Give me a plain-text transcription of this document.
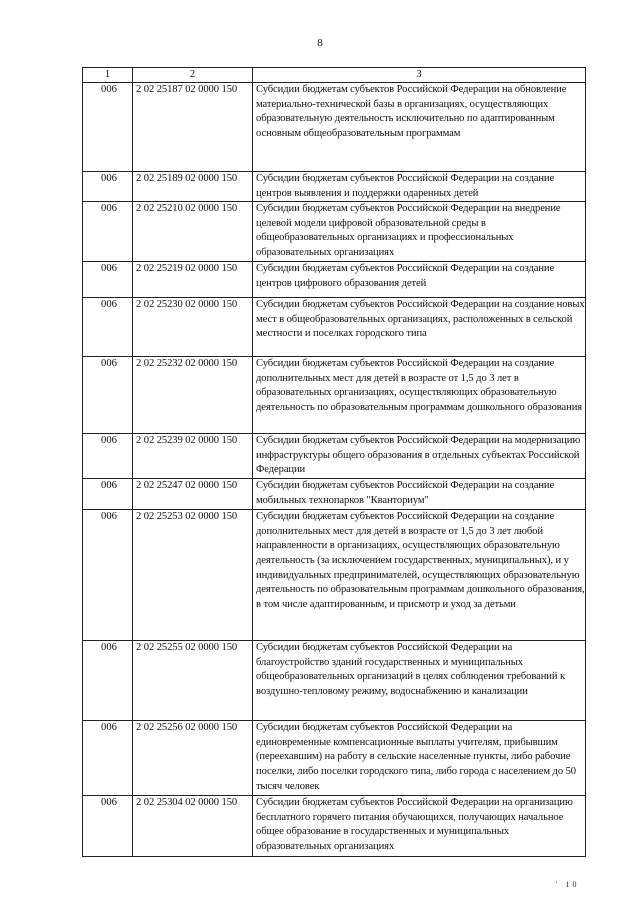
8
1	2	3
006	2 02 25187 02 0000 150	Субсидии бюджетам субъектов Российской Федерации на обновление материально-технической базы в организациях, осуществляющих образовательную деятельность исключительно по адаптированным основным общеобразовательным программам
006	2 02 25189 02 0000 150	Субсидии бюджетам субъектов Российской Федерации на создание центров выявления и поддержки одаренных детей
006	2 02 25210 02 0000 150	Субсидии бюджетам субъектов Российской Федерации на внедрение целевой модели цифровой образовательной среды в общеобразовательных организациях и профессиональных образовательных организациях
006	2 02 25219 02 0000 150	Субсидии бюджетам субъектов Российской Федерации на создание центров цифрового образования детей
006	2 02 25230 02 0000 150	Субсидии бюджетам субъектов Российской Федерации на создание новых мест в общеобразовательных организациях, расположенных в сельской местности и поселках городского типа
006	2 02 25232 02 0000 150	Субсидии бюджетам субъектов Российской Федерации на создание дополнительных мест для детей в возрасте от 1,5 до 3 лет в образовательных организациях, осуществляющих образовательную деятельность по образовательным программам дошкольного образования
006	2 02 25239 02 0000 150	Субсидии бюджетам субъектов Российской Федерации на модернизацию инфраструктуры общего образования в отдельных субъектах Российской Федерации
006	2 02 25247 02 0000 150	Субсидии бюджетам субъектов Российской Федерации на создание мобильных технопарков "Кванториум"
006	2 02 25253 02 0000 150	Субсидии бюджетам субъектов Российской Федерации на создание дополнительных мест для детей в возрасте от 1,5 до 3 лет любой направленности в организациях, осуществляющих образовательную деятельность (за исключением государственных, муниципальных), и у индивидуальных предпринимателей, осуществляющих образовательную деятельность по образовательным программам дошкольного образования, в том числе адаптированным, и присмотр и уход за детьми
006	2 02 25255 02 0000 150	Субсидии бюджетам субъектов Российской Федерации на благоустройство зданий государственных и муниципальных общеобразовательных организаций в целях соблюдения требований к воздушно-тепловому режиму, водоснабжению и канализации
006	2 02 25256 02 0000 150	Субсидии бюджетам субъектов Российской Федерации на единовременные компенсационные выплаты учителям, прибывшим (переехавшим) на работу в сельские населенные пункты, либо рабочие поселки, либо поселки городского типа, либо города с населением до 50 тысяч человек
006	2 02 25304 02 0000 150	Субсидии бюджетам субъектов Российской Федерации на организацию бесплатного горячего питания обучающихся, получающих начальное общее образование в государственных и муниципальных образовательных организациях
' 10
